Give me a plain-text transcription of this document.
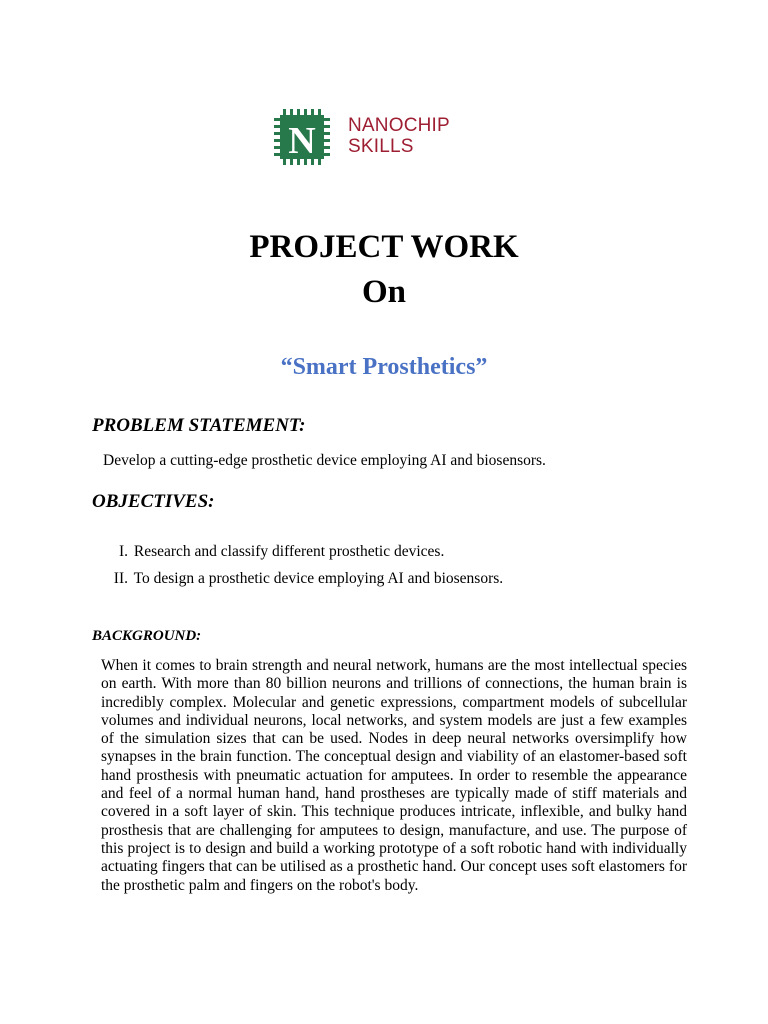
N NANOCHIP
SKILLS
PROJECT WORK
On
“Smart Prosthetics”
PROBLEM STATEMENT:
Develop a cutting-edge prosthetic device employing AI and biosensors.
OBJECTIVES:
I. Research and classify different prosthetic devices.
II. To design a prosthetic device employing AI and biosensors.
BACKGROUND:
When it comes to brain strength and neural network, humans are the most intellectual species on earth. With more than 80 billion neurons and trillions of connections, the human brain is incredibly complex. Molecular and genetic expressions, compartment models of subcellular volumes and individual neurons, local networks, and system models are just a few examples of the simulation sizes that can be used. Nodes in deep neural networks oversimplify how synapses in the brain function. The conceptual design and viability of an elastomer-based soft hand prosthesis with pneumatic actuation for amputees. In order to resemble the appearance and feel of a normal human hand, hand prostheses are typically made of stiff materials and covered in a soft layer of skin. This technique produces intricate, inflexible, and bulky hand prosthesis that are challenging for amputees to design, manufacture, and use. The purpose of this project is to design and build a working prototype of a soft robotic hand with individually actuating fingers that can be utilised as a prosthetic hand. Our concept uses soft elastomers for the prosthetic palm and fingers on the robot's body.
